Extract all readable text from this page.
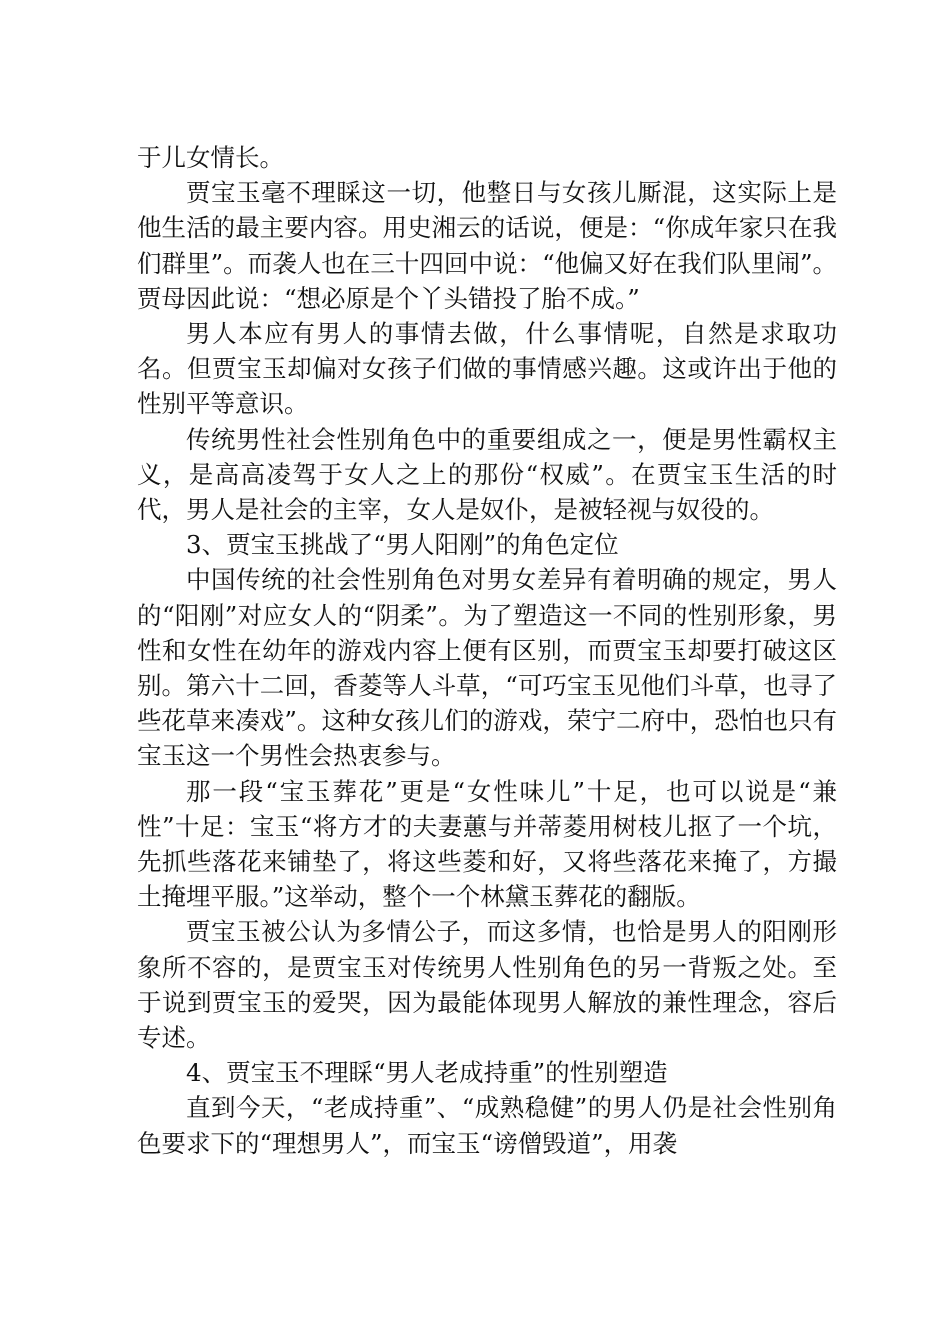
于儿女情长。

贾宝玉毫不理睬这一切，他整日与女孩儿厮混，这实际上是他生活的最主要内容。用史湘云的话说，便是：“你成年家只在我们群里”。而袭人也在三十四回中说：“他偏又好在我们队里闹”。贾母因此说：“想必原是个丫头错投了胎不成。”

男人本应有男人的事情去做，什么事情呢，自然是求取功名。但贾宝玉却偏对女孩子们做的事情感兴趣。这或许出于他的性别平等意识。

传统男性社会性别角色中的重要组成之一，便是男性霸权主义，是高高凌驾于女人之上的那份“权威”。在贾宝玉生活的时代，男人是社会的主宰，女人是奴仆，是被轻视与奴役的。

3、贾宝玉挑战了“男人阳刚”的角色定位

中国传统的社会性别角色对男女差异有着明确的规定，男人的“阳刚”对应女人的“阴柔”。为了塑造这一不同的性别形象，男性和女性在幼年的游戏内容上便有区别，而贾宝玉却要打破这区别。第六十二回，香菱等人斗草，“可巧宝玉见他们斗草，也寻了些花草来凑戏”。这种女孩儿们的游戏，荣宁二府中，恐怕也只有宝玉这一个男性会热衷参与。

那一段“宝玉葬花”更是“女性味儿”十足，也可以说是“兼性”十足：宝玉“将方才的夫妻蕙与并蒂菱用树枝儿抠了一个坑，先抓些落花来铺垫了，将这些菱和好，又将些落花来掩了，方撮土掩埋平服。”这举动，整个一个林黛玉葬花的翻版。

贾宝玉被公认为多情公子，而这多情，也恰是男人的阳刚形象所不容的，是贾宝玉对传统男人性别角色的另一背叛之处。至于说到贾宝玉的爱哭，因为最能体现男人解放的兼性理念，容后专述。

4、贾宝玉不理睬“男人老成持重”的性别塑造

直到今天，“老成持重”、“成熟稳健”的男人仍是社会性别角色要求下的“理想男人”，而宝玉“谤僧毁道”，用袭
